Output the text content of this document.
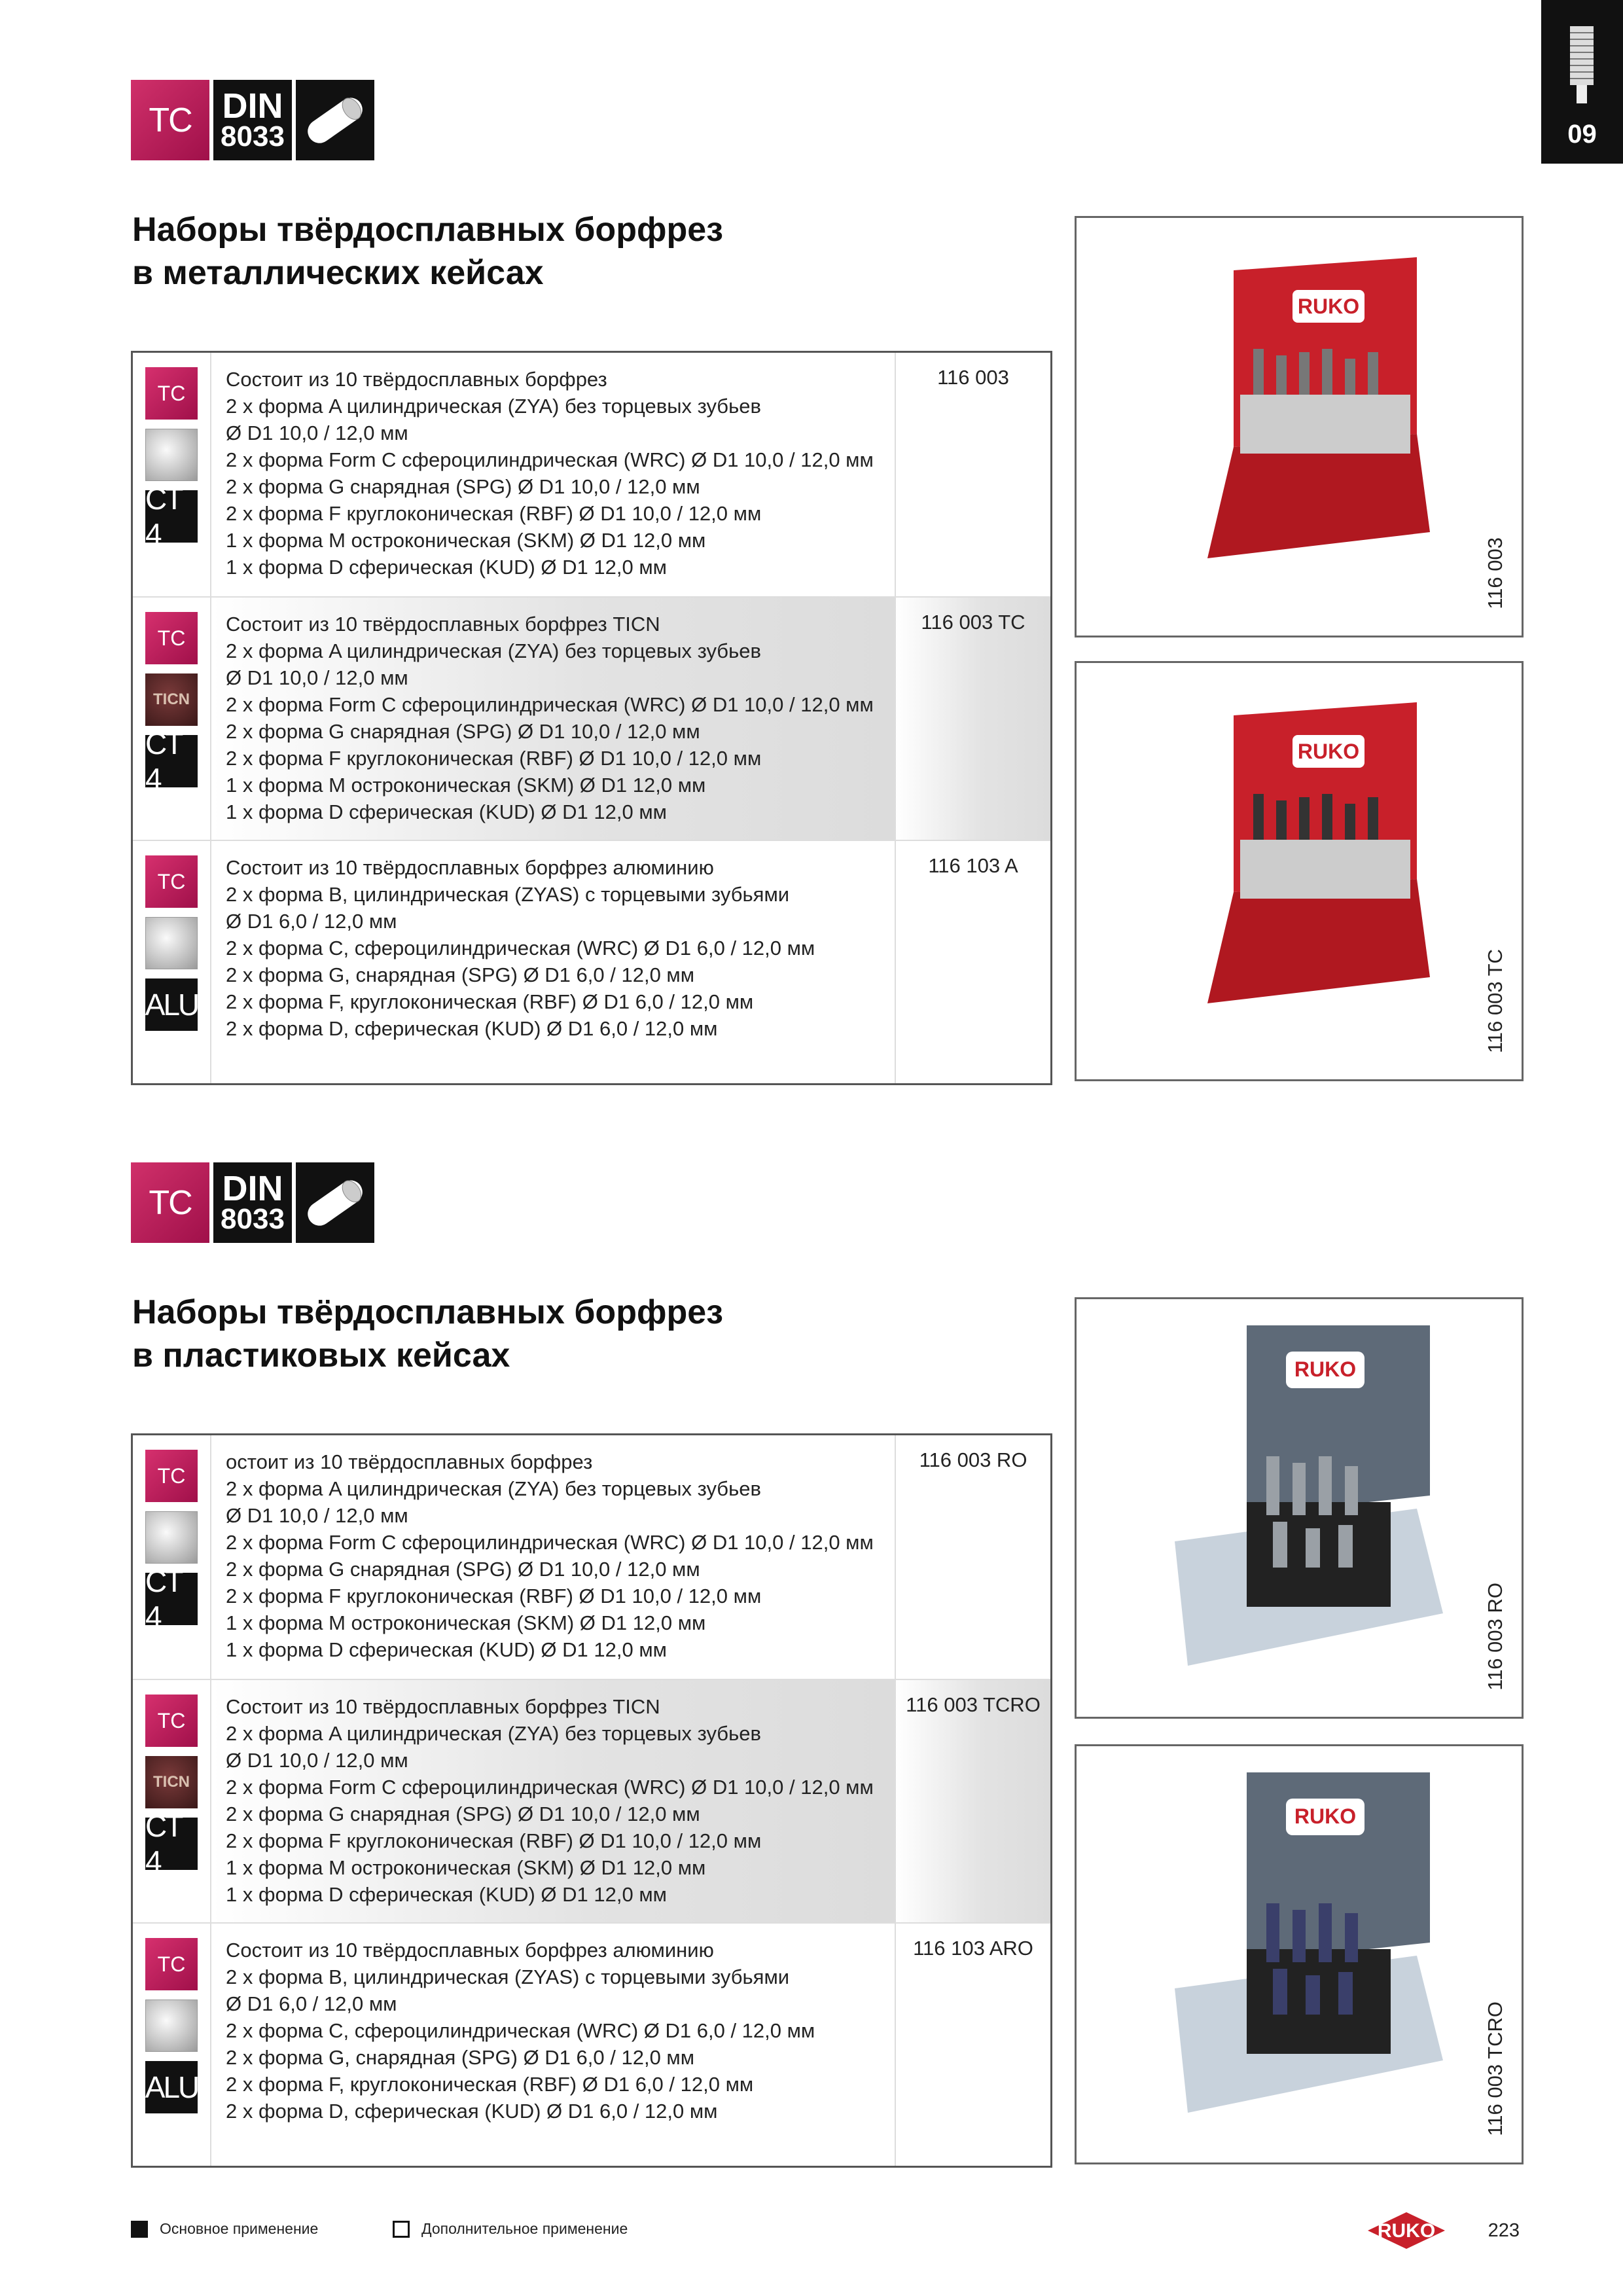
09
TC DIN
8033
Наборы твёрдосплавных борфрез
в металлических кейсах
TC
CT 4
Состоит из 10 твёрдосплавных борфрез
2 x форма A цилиндрическая (ZYA) без торцевых зубьев
Ø D1 10,0 / 12,0 мм
2 x форма Form C сфероцилиндрическая (WRC) Ø D1 10,0 / 12,0 мм
2 x форма G снарядная (SPG) Ø D1 10,0 / 12,0 мм
2 x форма F круглоконическая (RBF) Ø D1 10,0 / 12,0 мм
1 x форма M остроконичеcкая (SKM) Ø D1 12,0 мм
1 x форма D сферическая (KUD) Ø D1 12,0 мм
116 003
TC
TICN
CT 4
Состоит из 10 твёрдосплавных борфрез TICN
2 x форма A цилиндрическая (ZYA) без торцевых зубьев
Ø D1 10,0 / 12,0 мм
2 x форма Form C сфероцилиндрическая (WRC) Ø D1 10,0 / 12,0 мм
2 x форма G снарядная (SPG) Ø D1 10,0 / 12,0 мм
2 x форма F круглоконическая (RBF) Ø D1 10,0 / 12,0 мм
1 x форма M остроконичеcкая (SKM) Ø D1 12,0 мм
1 x форма D сферическая (KUD) Ø D1 12,0 мм
116 003 TC
TC
ALU
Состоит из 10 твёрдосплавных борфрез алюминию
2 x форма B, цилиндрическая (ZYAS) с торцевыми зубьями
Ø D1 6,0 / 12,0 мм
2 x форма C, сфероцилиндрическая (WRC) Ø D1 6,0 / 12,0 мм
2 x форма G, снарядная (SPG) Ø D1 6,0 / 12,0 мм
2 x форма F, круглоконическая (RBF) Ø D1 6,0 / 12,0 мм
2 x форма D, сферическая (KUD) Ø D1 6,0 / 12,0 мм
116 103 A
RUKO
116 003
RUKO
116 003 TC
TC DIN
8033
Наборы твёрдосплавных борфрез
в пластиковых кейсах
TC
CT 4
остоит из 10 твёрдосплавных борфрез
2 x форма A цилиндрическая (ZYA) без торцевых зубьев
Ø D1 10,0 / 12,0 мм
2 x форма Form C сфероцилиндрическая (WRC) Ø D1 10,0 / 12,0 мм
2 x форма G снарядная (SPG) Ø D1 10,0 / 12,0 мм
2 x форма F круглоконическая (RBF) Ø D1 10,0 / 12,0 мм
1 x форма M остроконичеcкая (SKM) Ø D1 12,0 мм
1 x форма D сферическая (KUD) Ø D1 12,0 мм
116 003 RO
TC
TICN
CT 4
Состоит из 10 твёрдосплавных борфрез TICN
2 x форма A цилиндрическая (ZYA) без торцевых зубьев
Ø D1 10,0 / 12,0 мм
2 x форма Form C сфероцилиндрическая (WRC) Ø D1 10,0 / 12,0 мм
2 x форма G снарядная (SPG) Ø D1 10,0 / 12,0 мм
2 x форма F круглоконическая (RBF) Ø D1 10,0 / 12,0 мм
1 x форма M остроконичеcкая (SKM) Ø D1 12,0 мм
1 x форма D сферическая (KUD) Ø D1 12,0 мм
116 003 TCRO
TC
ALU
Состоит из 10 твёрдосплавных борфрез алюминию
2 x форма B, цилиндрическая (ZYAS) с торцевыми зубьями
Ø D1 6,0 / 12,0 мм
2 x форма C, сфероцилиндрическая (WRC) Ø D1 6,0 / 12,0 мм
2 x форма G, снарядная (SPG) Ø D1 6,0 / 12,0 мм
2 x форма F, круглоконическая (RBF) Ø D1 6,0 / 12,0 мм
2 x форма D, сферическая (KUD) Ø D1 6,0 / 12,0 мм
116 103 ARO
RUKO
116 003 RO
RUKO
116 003 TCRO
Основное применение	Дополнительное применение	RUKO	223
